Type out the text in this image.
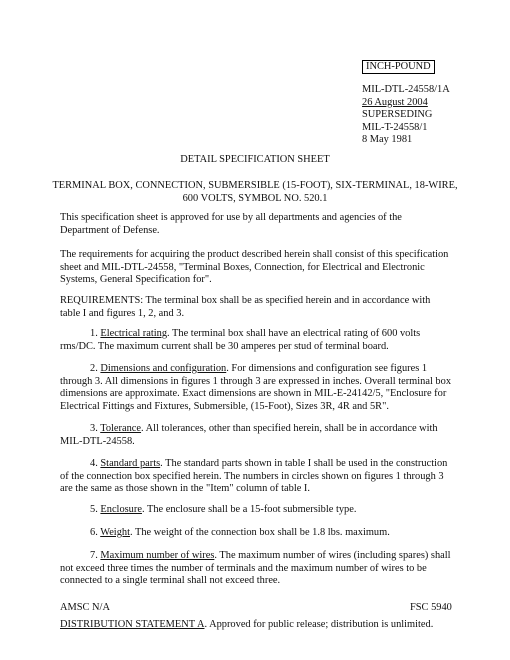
INCH-POUND
MIL-DTL-24558/1A
26 August 2004
SUPERSEDING
MIL-T-24558/1
8 May 1981
DETAIL SPECIFICATION SHEET
TERMINAL BOX, CONNECTION, SUBMERSIBLE (15-FOOT), SIX-TERMINAL, 18-WIRE,
600 VOLTS, SYMBOL NO. 520.1

This specification sheet is approved for use by all departments and agencies of the Department of Defense.

The requirements for acquiring the product described herein shall consist of this specification sheet and MIL-DTL-24558, "Terminal Boxes, Connection, for Electrical and Electronic Systems, General Specification for".

REQUIREMENTS: The terminal box shall be as specified herein and in accordance with table I and figures 1, 2, and 3.

1. Electrical rating. The terminal box shall have an electrical rating of 600 volts rms/DC. The maximum current shall be 30 amperes per stud of terminal board.

2. Dimensions and configuration. For dimensions and configuration see figures 1 through 3. All dimensions in figures 1 through 3 are expressed in inches. Overall terminal box dimensions are approximate. Exact dimensions are shown in MIL-E-24142/5, "Enclosure for Electrical Fittings and Fixtures, Submersible, (15-Foot), Sizes 3R, 4R and 5R".

3. Tolerance. All tolerances, other than specified herein, shall be in accordance with MIL-DTL-24558.

4. Standard parts. The standard parts shown in table I shall be used in the construction of the connection box specified herein. The numbers in circles shown on figures 1 through 3 are the same as those shown in the "Item" column of table I.

5. Enclosure. The enclosure shall be a 15-foot submersible type.

6. Weight. The weight of the connection box shall be 1.8 lbs. maximum.

7. Maximum number of wires. The maximum number of wires (including spares) shall not exceed three times the number of terminals and the maximum number of wires to be connected to a single terminal shall not exceed three.

AMSC N/A	FSC 5940
DISTRIBUTION STATEMENT A. Approved for public release; distribution is unlimited.
